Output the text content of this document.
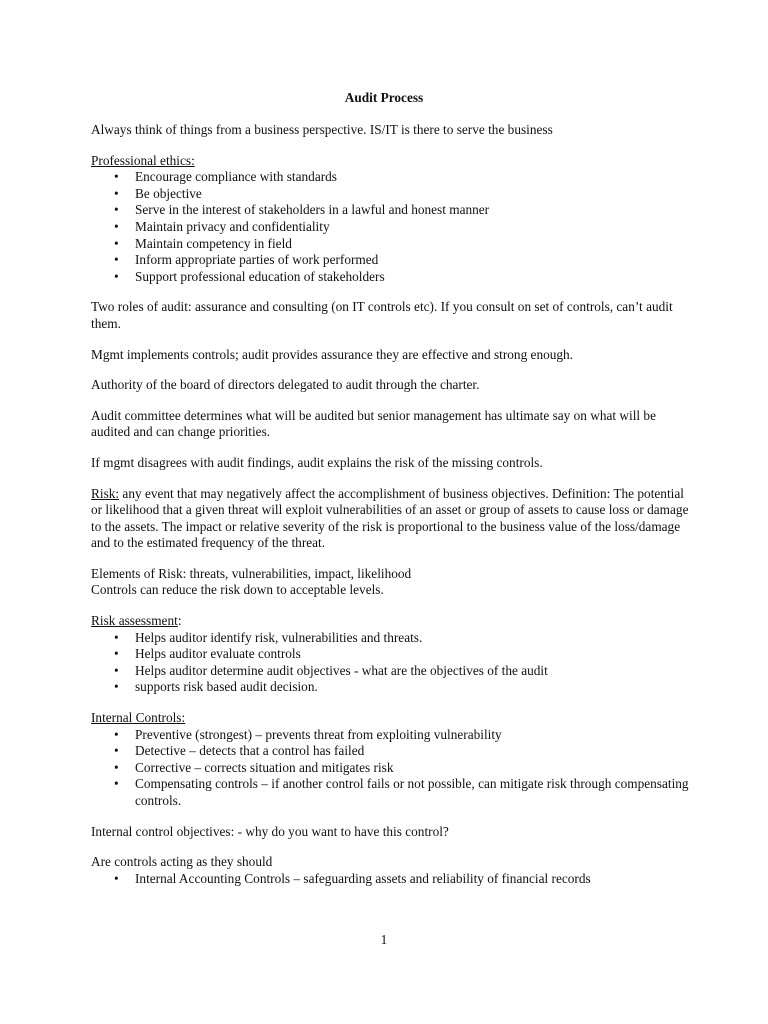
Audit Process

Always think of things from a business perspective. IS/IT is there to serve the business

Professional ethics:

• Encourage compliance with standards
• Be objective
• Serve in the interest of stakeholders in a lawful and honest manner
• Maintain privacy and confidentiality
• Maintain competency in field
• Inform appropriate parties of work performed
• Support professional education of stakeholders

Two roles of audit: assurance and consulting (on IT controls etc). If you consult on set of controls, can’t audit them.

Mgmt implements controls; audit provides assurance they are effective and strong enough.

Authority of the board of directors delegated to audit through the charter.

Audit committee determines what will be audited but senior management has ultimate say on what will be audited and can change priorities.

If mgmt disagrees with audit findings, audit explains the risk of the missing controls.

Risk: any event that may negatively affect the accomplishment of business objectives. Definition: The potential or likelihood that a given threat will exploit vulnerabilities of an asset or group of assets to cause loss or damage to the assets. The impact or relative severity of the risk is proportional to the business value of the loss/damage and to the estimated frequency of the threat.

Elements of Risk: threats, vulnerabilities, impact, likelihood
Controls can reduce the risk down to acceptable levels.

Risk assessment:

• Helps auditor identify risk, vulnerabilities and threats.
• Helps auditor evaluate controls
• Helps auditor determine audit objectives - what are the objectives of the audit
• supports risk based audit decision.

Internal Controls:

• Preventive (strongest) – prevents threat from exploiting vulnerability
• Detective – detects that a control has failed
• Corrective – corrects situation and mitigates risk
• Compensating controls – if another control fails or not possible, can mitigate risk through compensating controls.

Internal control objectives: - why do you want to have this control?

Are controls acting as they should

• Internal Accounting Controls – safeguarding assets and reliability of financial records
1
